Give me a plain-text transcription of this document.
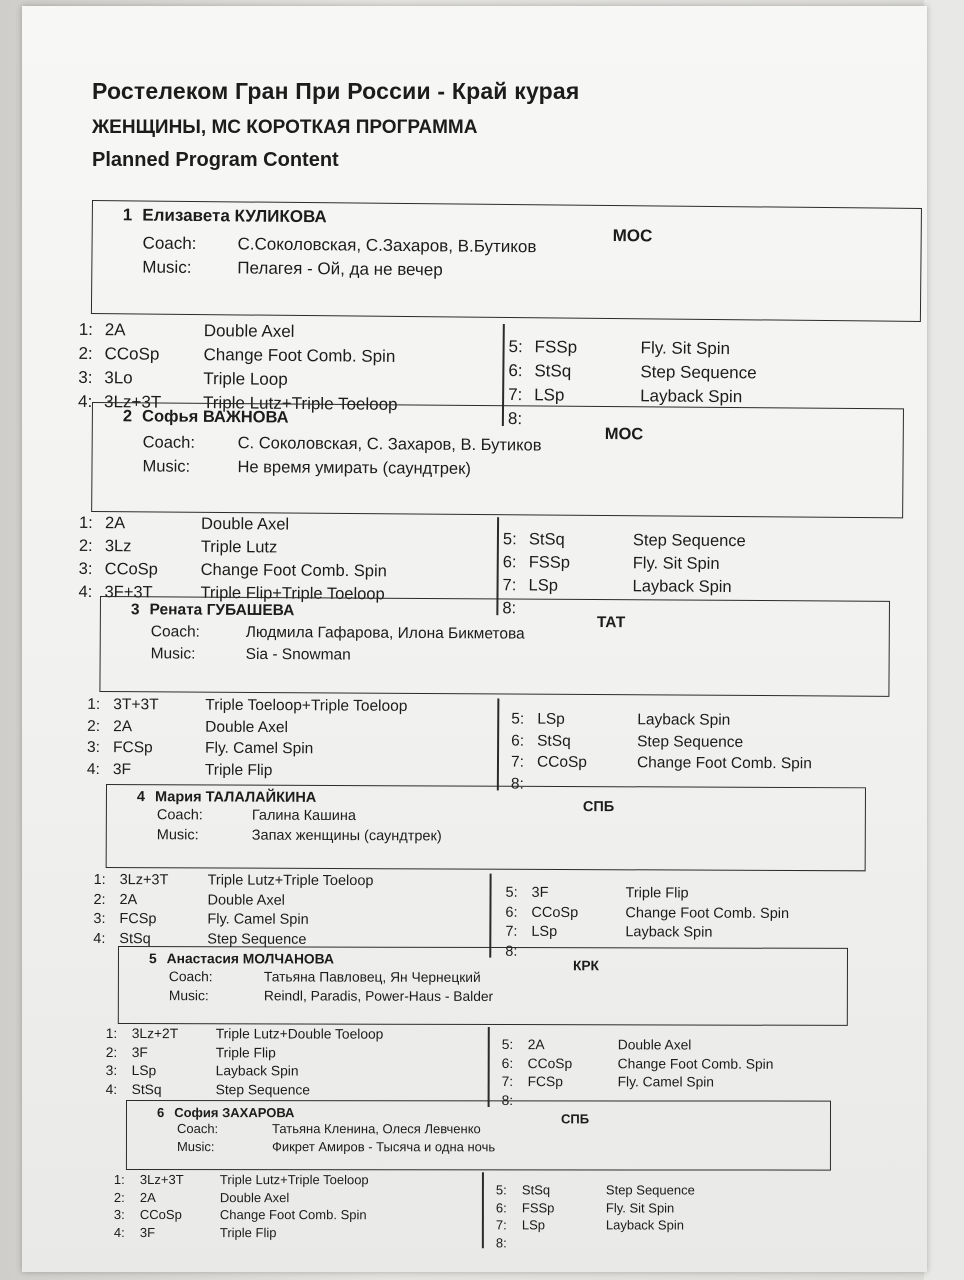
Ростелеком Гран При России - Край курая
ЖЕНЩИНЫ, МС КОРОТКАЯ ПРОГРАММА
Planned Program Content
1 Елизавета КУЛИКОВА
МОС
Coach: С.Соколовская, С.Захаров, В.Бутиков
Music:	Пелагея - Ой, да не вечер
1: 2A	Double Axel
2: CCoSp	Change Foot Comb. Spin
3: 3Lo	Triple Loop
4: 3Lz+3T Triple Lutz+Triple Toeloop
5: FSSp	Fly. Sit Spin
6: StSq	Step Sequence
7: LSp	Layback Spin
8:
2 Софья ВАЖНОВА
МОС
Coach:	С. Соколовская, С. Захаров, В. Бутиков
Music:	Не время умирать (саундтрек)
1: 2A	Double Axel
2: 3Lz	Triple Lutz
3: CCoSp	Change Foot Comb. Spin
4: 3F+3T	Triple Flip+Triple Toeloop
5: StSq	Step Sequence
6: FSSp	Fly. Sit Spin
7: LSp	Layback Spin
8:
3 Рената ГУБАШЕВА
ТАТ
Coach:	Людмила Гафарова, Илона Бикметова
Music:	Sia - Snowman
1: 3T+3T	Triple Toeloop+Triple Toeloop
2: 2A	Double Axel
3: FCSp	Fly. Camel Spin
4: 3F	Triple Flip
5: LSp	Layback Spin
6: StSq	Step Sequence
7: CCoSp	Change Foot Comb. Spin
8:
4 Мария ТАЛАЛАЙКИНА
СПБ
Coach:	Галина Кашина
Music:	Запах женщины (саундтрек)
1: 3Lz+3T	Triple Lutz+Triple Toeloop
2: 2A	Double Axel
3: FCSp	Fly. Camel Spin
4: StSq	Step Sequence
5: 3F	Triple Flip
6: CCoSp	Change Foot Comb. Spin
7: LSp	Layback Spin
8:
5 Анастасия МОЛЧАНОВА	КРК
Coach:	Татьяна Павловец, Ян Чернецкий
Music:	Reindl, Paradis, Power-Haus - Balder
1: 3Lz+2T	Triple Lutz+Double Toeloop
2: 3F	Triple Flip
3: LSp	Layback Spin
4: StSq	Step Sequence
5: 2A	Double Axel
6: CCoSp	Change Foot Comb. Spin
7: FCSp	Fly. Camel Spin
8:
6 София ЗАХАРОВА	СПБ
Coach:	Татьяна Кленина, Олеся Левченко
Music:	Фикрет Амиров - Тысяча и одна ночь
1: 3Lz+3T	Triple Lutz+Triple Toeloop
2: 2A	Double Axel
3: CCoSp	Change Foot Comb. Spin
4: 3F	Triple Flip
5: StSq	Step Sequence
6: FSSp	Fly. Sit Spin
7: LSp	Layback Spin
8:
